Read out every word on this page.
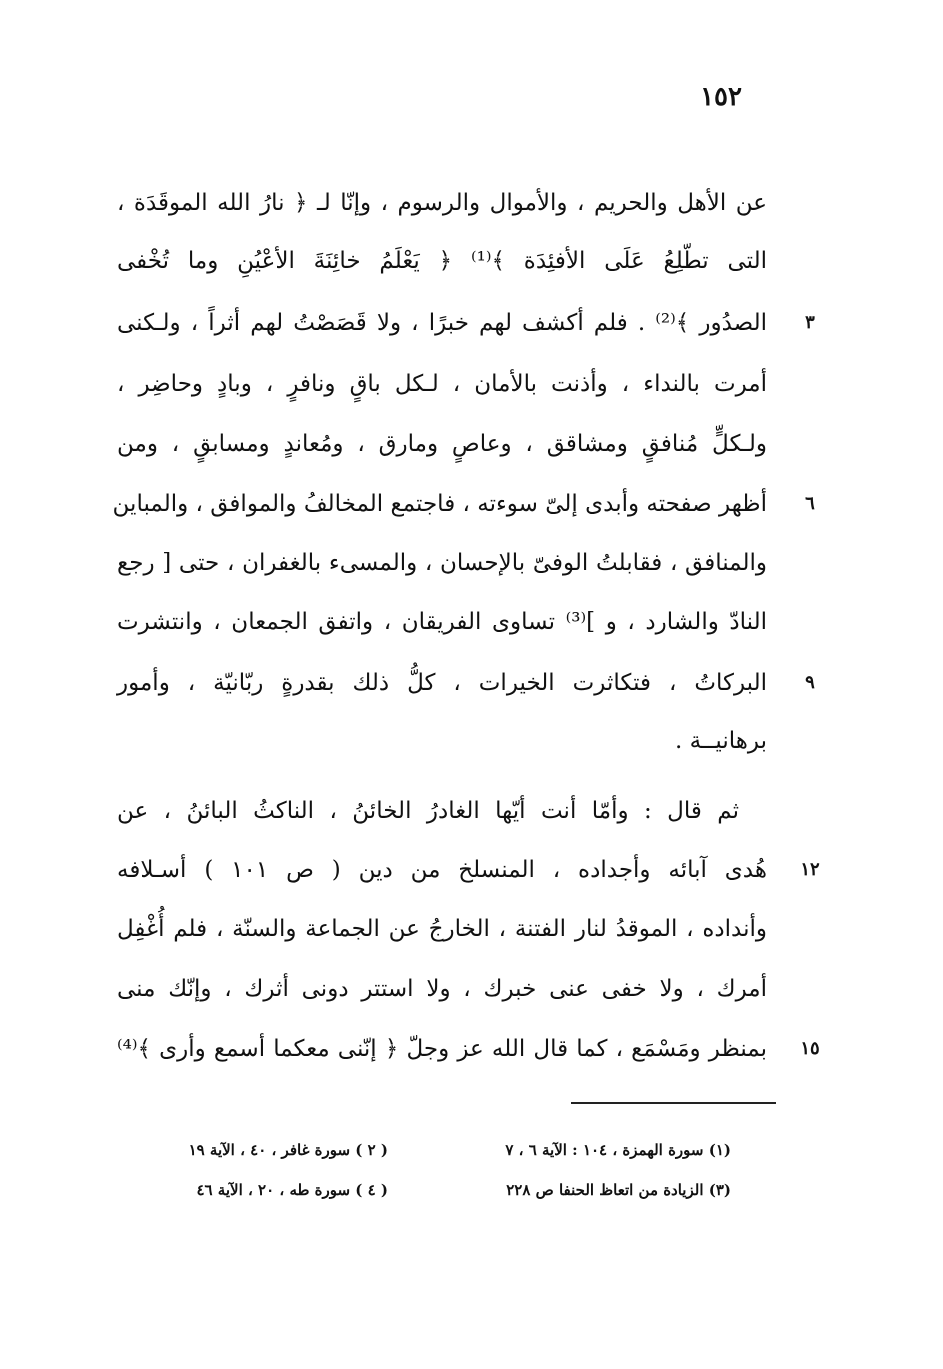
١٥٢
عن الأهل والحريم ، والأموال والرسوم ، وإنّا لـ ﴿ نارُ الله الموقَدَة ،
التى تطّلِعُ عَلَى الأفئِدَة ﴾⁽¹⁾ ﴿ يَعْلَمُ خائِنَةَ الأعْيُنِ وما تُخْفى
الصدُور ﴾⁽²⁾ . فلم أكشف لهم خبرًا ، ولا قَصَصْتُ لهم أثراً ، ولـكنى
أمرت بالنداء ، وأذنت بالأمان ، لـكل باقٍ ونافرٍ ، وبادٍ وحاضِر ،
ولـكلٍّ مُنافقٍ ومشاقق ، وعاصٍ ومارق ، ومُعاندٍ ومسابقٍ ، ومن
أظهر صفحته وأبدى إلىّ سوءته ، فاجتمع المخالفُ والموافق ، والمباين
والمنافق ، فقابلتُ الوفىّ بالإحسان ، والمسىء بالغفران ، حتى [ رجع
النادّ والشارد ، و ]⁽³⁾ تساوى الفريقان ، واتفق الجمعان ، وانتشرت
البركاتُ ، فتكاثرت الخيرات ، كلُّ ذلك بقدرةٍ ربّانيّة ، وأمور
برهانيــة .
ثم قال : وأمّا أنت أيّها الغادرُ الخائنُ ، الناكثُ البائنُ ، عن
هُدى آبائه وأجداده ، المنسلخ من دين ( ص ١٠١ ) أسـلافه
وأنداده ، الموقدُ لنار الفتنة ، الخارجُ عن الجماعة والسنّة ، فلم أُغْفِل
أمرك ، ولا خفى عنى خبرك ، ولا استتر دونى أثرك ، وإنّك منى
بمنظر ومَسْمَع ، كما قال الله عز وجلّ ﴿ إنّنى معكما أسمع وأرى ﴾⁽⁴⁾
٣
٦
٩
١٢
١٥
(١) سورة الهمزة ، ١٠٤ : الآية ٦ ، ٧
( ٢ ) سورة غافر ، ٤٠ ، الآية ١٩
(٣) الزيادة من اتعاظ الحنفا ص ٢٢٨
( ٤ ) سورة طه ، ٢٠ ، الآية ٤٦
